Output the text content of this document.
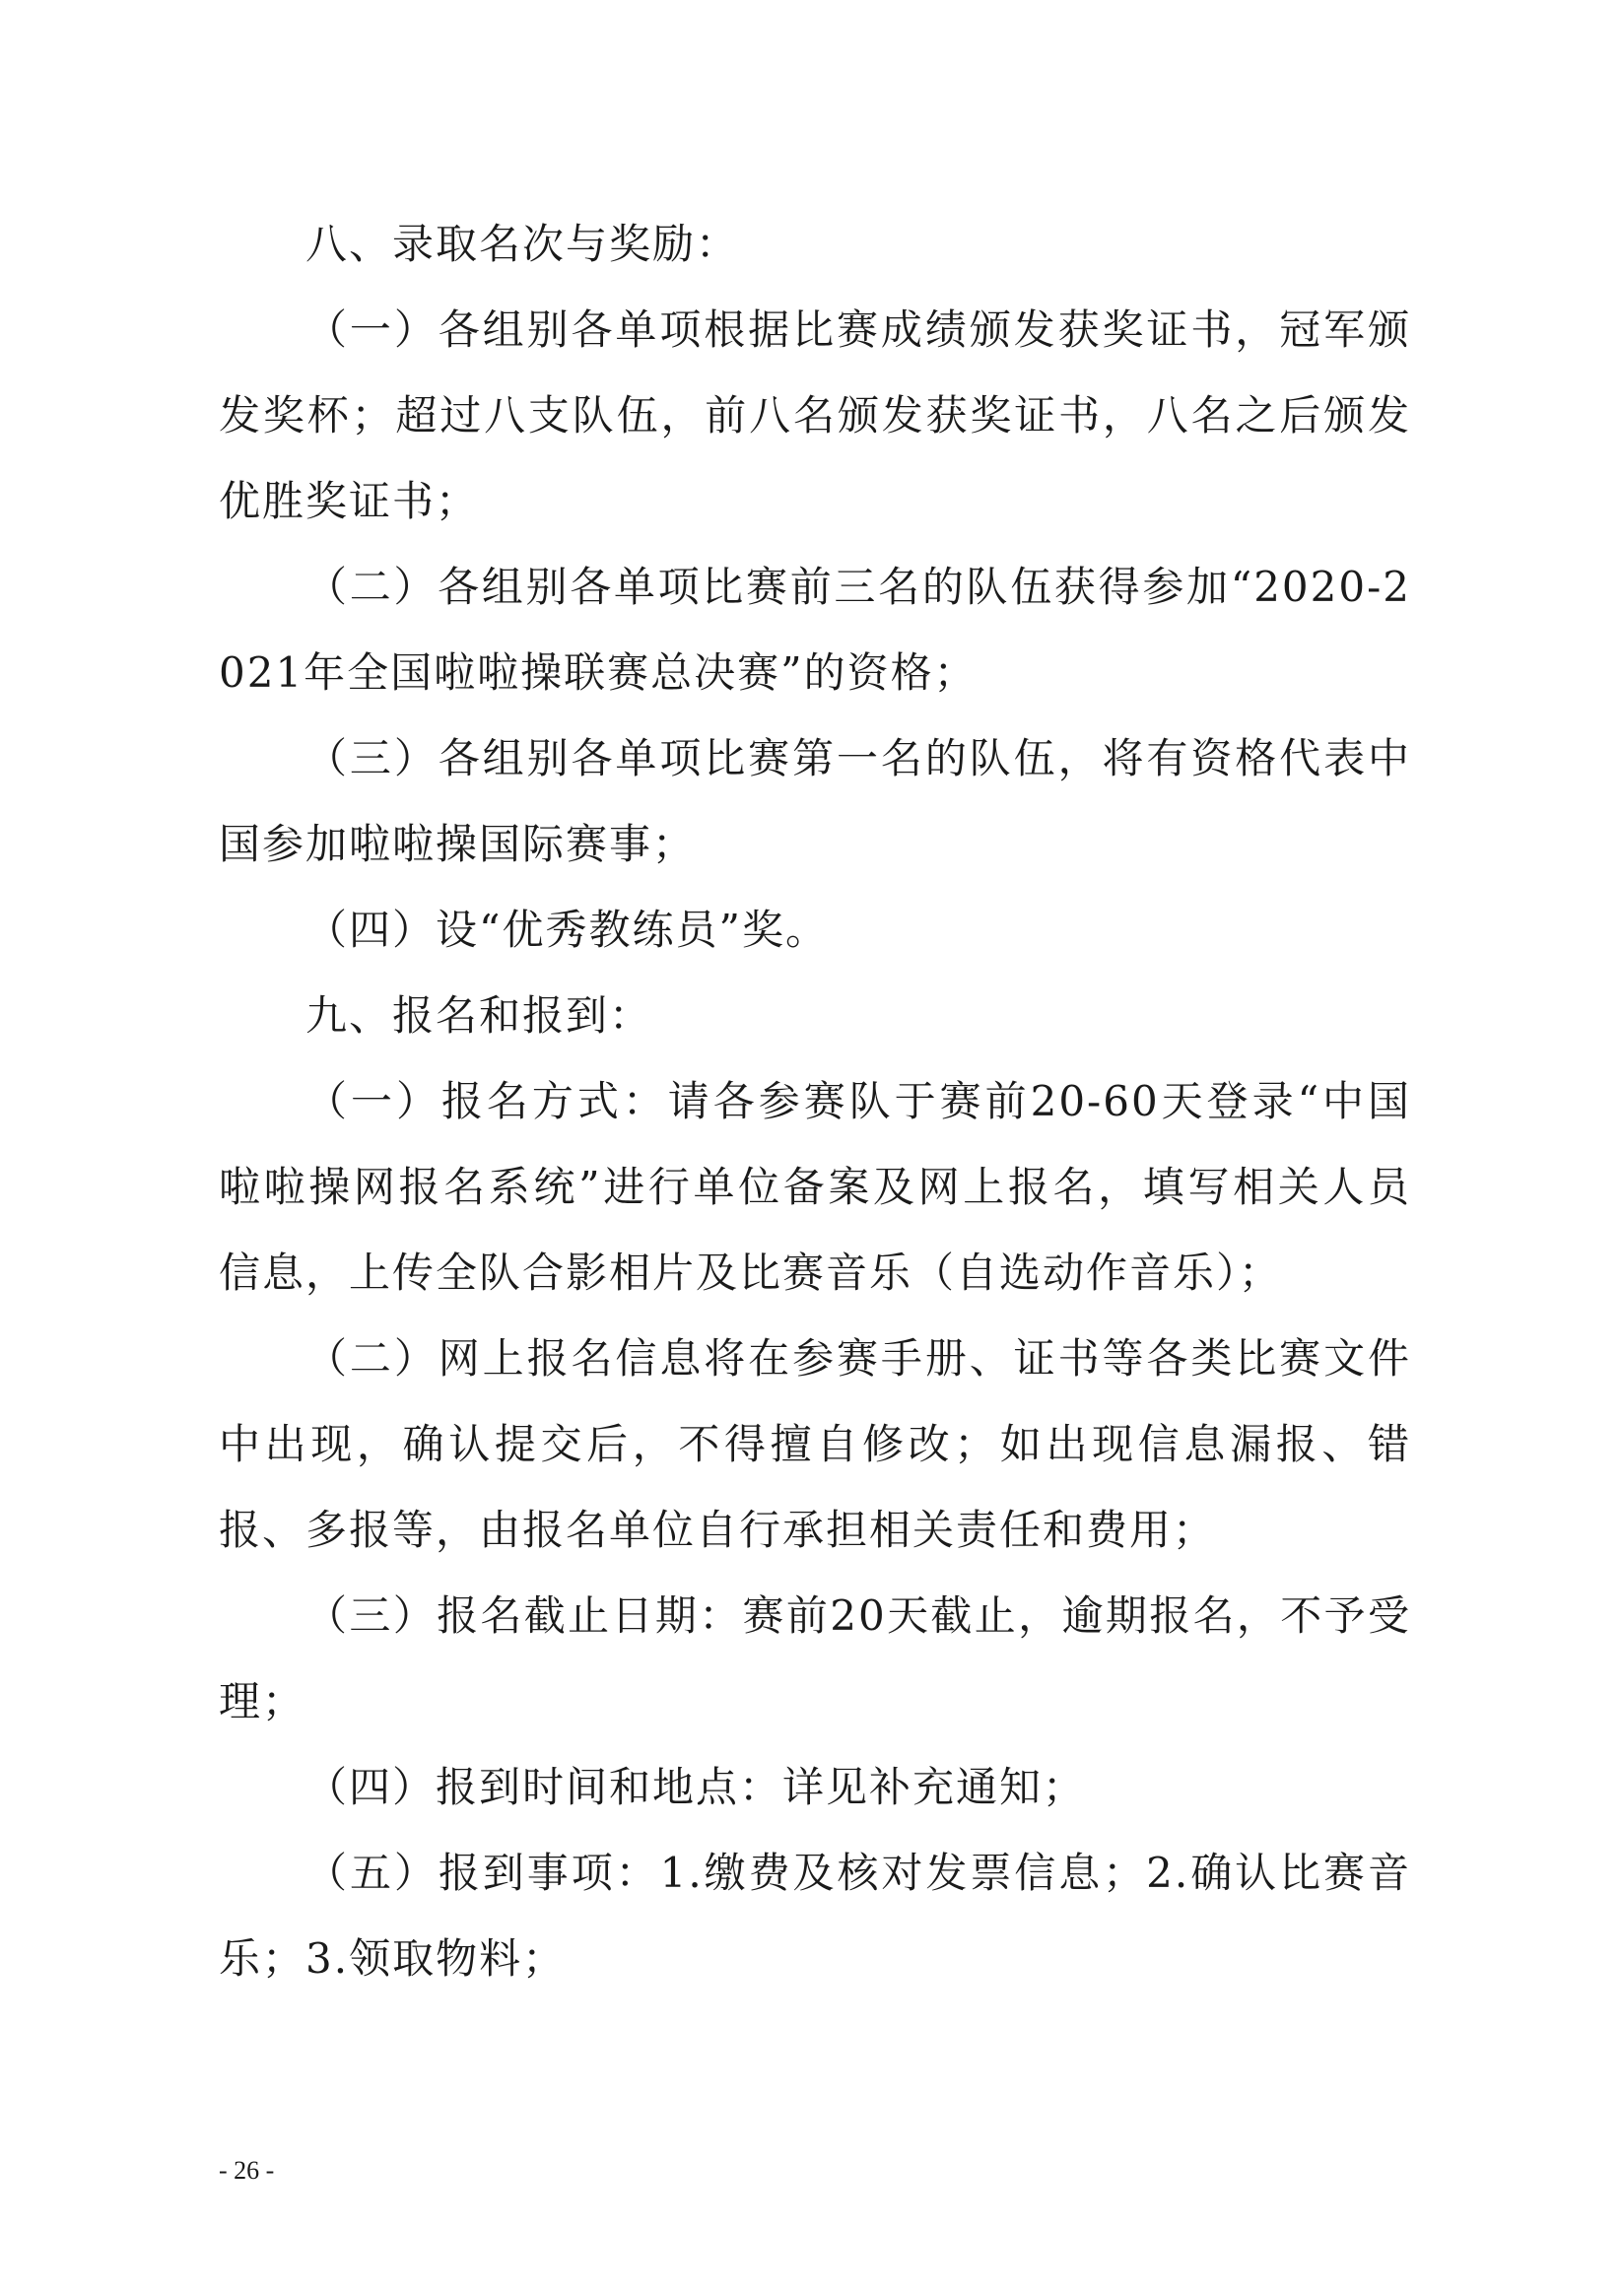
八、录取名次与奖励：

（一）各组别各单项根据比赛成绩颁发获奖证书，冠军颁发奖杯；超过八支队伍，前八名颁发获奖证书，八名之后颁发优胜奖证书；

（二）各组别各单项比赛前三名的队伍获得参加“2020-2021年全国啦啦操联赛总决赛”的资格；

（三）各组别各单项比赛第一名的队伍，将有资格代表中国参加啦啦操国际赛事；

（四）设“优秀教练员”奖。

九、报名和报到：

（一）报名方式：请各参赛队于赛前20-60天登录“中国啦啦操网报名系统”进行单位备案及网上报名，填写相关人员信息，上传全队合影相片及比赛音乐（自选动作音乐）；

（二）网上报名信息将在参赛手册、证书等各类比赛文件中出现，确认提交后，不得擅自修改；如出现信息漏报、错报、多报等，由报名单位自行承担相关责任和费用；

（三）报名截止日期：赛前20天截止，逾期报名，不予受理；

（四）报到时间和地点：详见补充通知；

（五）报到事项：1.缴费及核对发票信息；2.确认比赛音乐；3.领取物料；

- 26 -
